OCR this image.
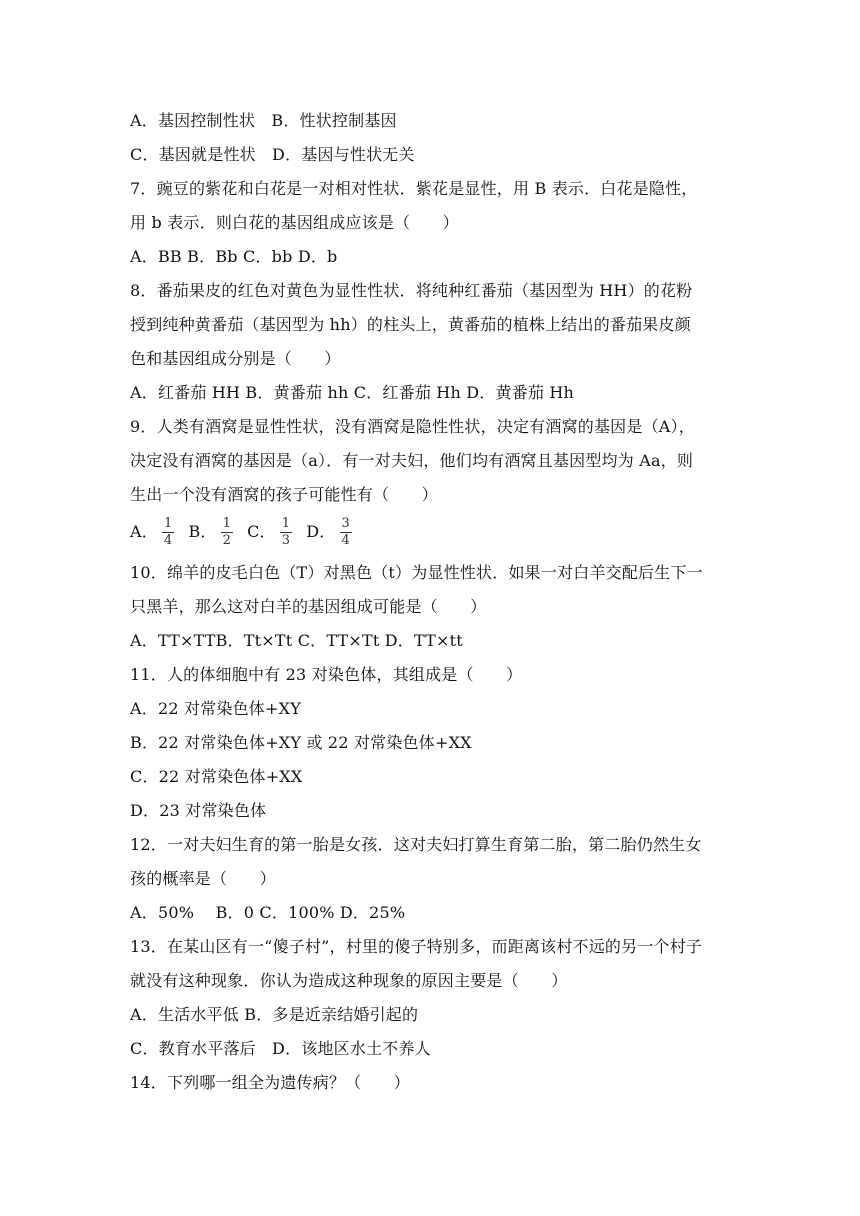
A．基因控制性状　B．性状控制基因
C．基因就是性状　D．基因与性状无关
7．豌豆的紫花和白花是一对相对性状．紫花是显性，用 B 表示．白花是隐性，
用 b 表示．则白花的基因组成应该是（　　）
A．BB B．Bb C．bb D．b
8．番茄果皮的红色对黄色为显性性状．将纯种红番茄（基因型为 HH）的花粉
授到纯种黄番茄（基因型为 hh）的柱头上，黄番茄的植株上结出的番茄果皮颜
色和基因组成分别是（　　）
A．红番茄 HH B．黄番茄 hh C．红番茄 Hh D．黄番茄 Hh
9．人类有酒窝是显性性状，没有酒窝是隐性性状，决定有酒窝的基因是（A），
决定没有酒窝的基因是（a）．有一对夫妇，他们均有酒窝且基因型均为 Aa，则
生出一个没有酒窝的孩子可能性有（　　）
A． $\frac{1}{4}$ B． $\frac{1}{2}$ C． $\frac{1}{3}$ D． $\frac{3}{4}$
10．绵羊的皮毛白色（T）对黑色（t）为显性性状．如果一对白羊交配后生下一
只黑羊，那么这对白羊的基因组成可能是（　　）
A．TT×TTB．Tt×Tt C．TT×Tt D．TT×tt
11．人的体细胞中有 23 对染色体，其组成是（　　）
A．22 对常染色体+XY
B．22 对常染色体+XY 或 22 对常染色体+XX
C．22 对常染色体+XX
D．23 对常染色体
12．一对夫妇生育的第一胎是女孩．这对夫妇打算生育第二胎，第二胎仍然生女
孩的概率是（　　）
A．50%　 B．0 C．100% D．25%
13．在某山区有一“傻子村”，村里的傻子特别多，而距离该村不远的另一个村子
就没有这种现象．你认为造成这种现象的原因主要是（　　）
A．生活水平低 B．多是近亲结婚引起的
C．教育水平落后　D．该地区水土不养人
14．下列哪一组全为遗传病？（　　）
